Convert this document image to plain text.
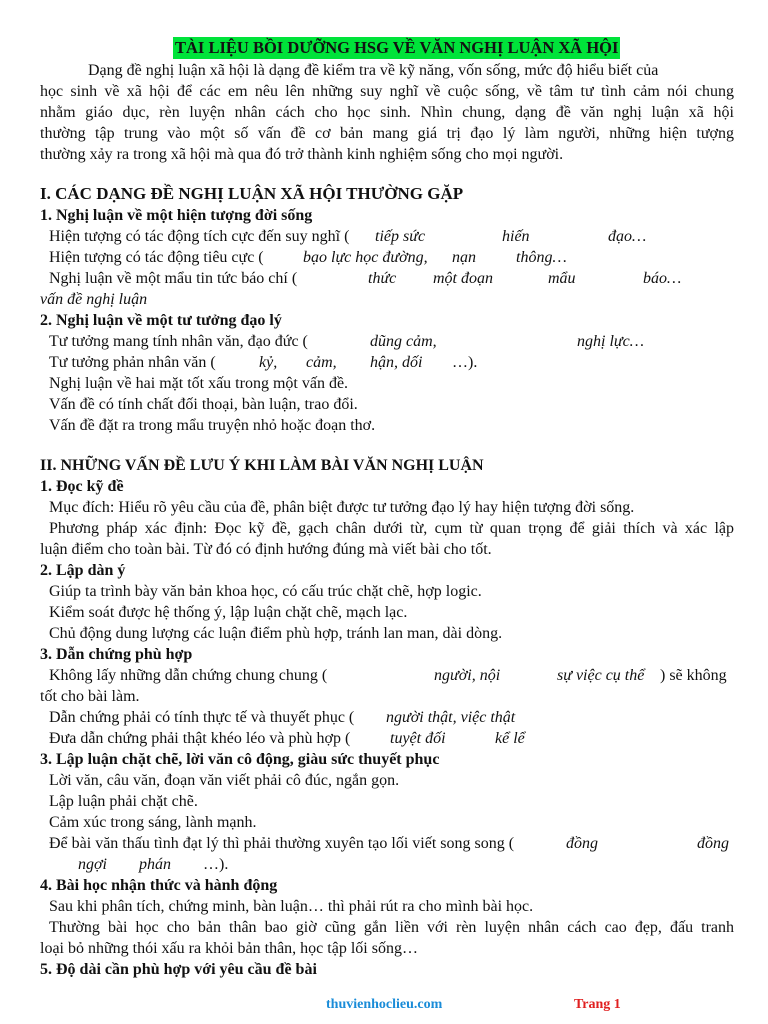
TÀI LIỆU BỒI DƯỠNG HSG VỀ VĂN NGHỊ LUẬN XÃ HỘI
Dạng đề nghị luận xã hội là dạng đề kiểm tra về kỹ năng, vốn sống, mức độ hiểu biết của
học sinh về xã hội để các em nêu lên những suy nghĩ về cuộc sống, về tâm tư tình cảm nói chung
nhằm giáo dục, rèn luyện nhân cách cho học sinh. Nhìn chung, dạng đề văn nghị luận xã hội
thường tập trung vào một số vấn đề cơ bản mang giá trị đạo lý làm người, những hiện tượng
thường xảy ra trong xã hội mà qua đó trở thành kinh nghiệm sống cho mọi người.
I. CÁC DẠNG ĐỀ NGHỊ LUẬN XÃ HỘI THƯỜNG GẶP
1. Nghị luận về một hiện tượng đời sống
Hiện tượng có tác động tích cực đến suy nghĩ ( tiếp sức	hiến	đạo…
Hiện tượng có tác động tiêu cực ( bạo lực học đường, nạn	thông…
Nghị luận về một mẩu tin tức báo chí (	thức một đoạn	mẩu	báo…
vấn đề nghị luận
2. Nghị luận về một tư tưởng đạo lý
Tư tưởng mang tính nhân văn, đạo đức (	dũng cảm,	nghị lực…
Tư tưởng phản nhân văn (	kỷ, cảm, hận, dối …).
Nghị luận về hai mặt tốt xấu trong một vấn đề.
Vấn đề có tính chất đối thoại, bàn luận, trao đổi.
Vấn đề đặt ra trong mẩu truyện nhỏ hoặc đoạn thơ.
II. NHỮNG VẤN ĐỀ LƯU Ý KHI LÀM BÀI VĂN NGHỊ LUẬN
1. Đọc kỹ đề
Mục đích: Hiểu rõ yêu cầu của đề, phân biệt được tư tưởng đạo lý hay hiện tượng đời sống.
Phương pháp xác định: Đọc kỹ đề, gạch chân dưới từ, cụm từ quan trọng để giải thích và xác lập
luận điểm cho toàn bài. Từ đó có định hướng đúng mà viết bài cho tốt.
2. Lập dàn ý
Giúp ta trình bày văn bản khoa học, có cấu trúc chặt chẽ, hợp logic.
Kiểm soát được hệ thống ý, lập luận chặt chẽ, mạch lạc.
Chủ động dung lượng các luận điểm phù hợp, tránh lan man, dài dòng.
3. Dẫn chứng phù hợp
Không lấy những dẫn chứng chung chung (	người, nội	sự việc cụ thể ) sẽ không
tốt cho bài làm.
Dẫn chứng phải có tính thực tế và thuyết phục ( người thật, việc thật
Đưa dẫn chứng phải thật khéo léo và phù hợp ( tuyệt đối	kể lể
3. Lập luận chặt chẽ, lời văn cô động, giàu sức thuyết phục
Lời văn, câu văn, đoạn văn viết phải cô đúc, ngắn gọn.
Lập luận phải chặt chẽ.
Cảm xúc trong sáng, lành mạnh.
Để bài văn thấu tình đạt lý thì phải thường xuyên tạo lối viết song song (	đồng	đồng
ngợi phán …).
4. Bài học nhận thức và hành động
Sau khi phân tích, chứng minh, bàn luận… thì phải rút ra cho mình bài học.
Thường bài học cho bản thân bao giờ cũng gắn liền với rèn luyện nhân cách cao đẹp, đấu tranh
loại bỏ những thói xấu ra khỏi bản thân, học tập lối sống…
5. Độ dài cần phù hợp với yêu cầu đề bài
thuvienhoclieu.com	Trang 1
